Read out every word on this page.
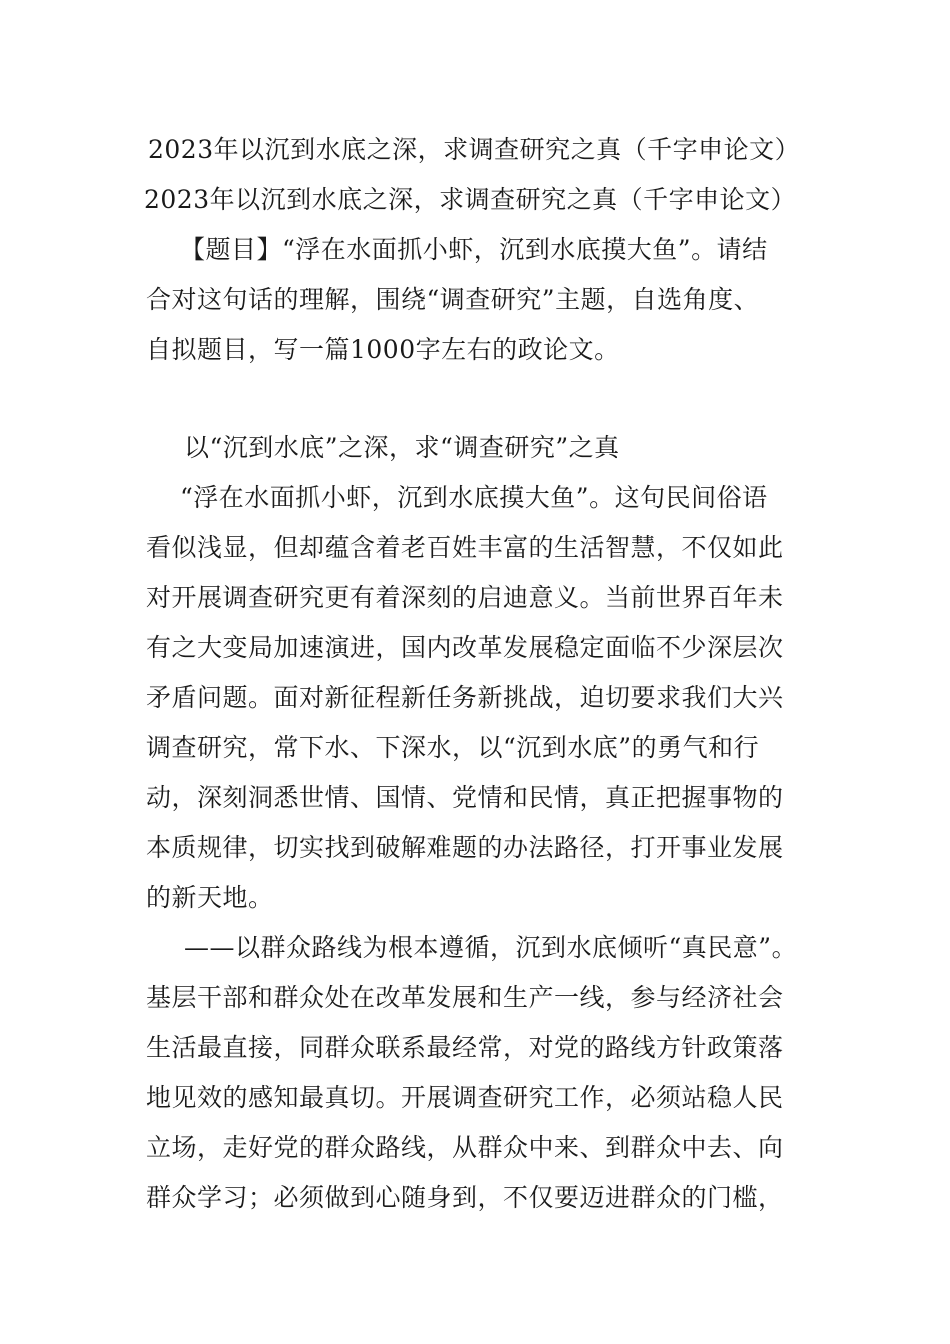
2023年以沉到水底之深，求调查研究之真（千字申论文）
2023年以沉到水底之深，求调查研究之真（千字申论文）
【题目】“浮在水面抓小虾，沉到水底摸大鱼”。请结
合对这句话的理解，围绕“调查研究”主题，自选角度、
自拟题目，写一篇1000字左右的政论文。
以“沉到水底”之深，求“调查研究”之真
“浮在水面抓小虾，沉到水底摸大鱼”。这句民间俗语
看似浅显，但却蕴含着老百姓丰富的生活智慧，不仅如此
对开展调查研究更有着深刻的启迪意义。当前世界百年未
有之大变局加速演进，国内改革发展稳定面临不少深层次
矛盾问题。面对新征程新任务新挑战，迫切要求我们大兴
调查研究，常下水、下深水，以“沉到水底”的勇气和行
动，深刻洞悉世情、国情、党情和民情，真正把握事物的
本质规律，切实找到破解难题的办法路径，打开事业发展
的新天地。
——以群众路线为根本遵循，沉到水底倾听“真民意”。
基层干部和群众处在改革发展和生产一线，参与经济社会
生活最直接，同群众联系最经常，对党的路线方针政策落
地见效的感知最真切。开展调查研究工作，必须站稳人民
立场，走好党的群众路线，从群众中来、到群众中去、向
群众学习；必须做到心随身到，不仅要迈进群众的门槛，
